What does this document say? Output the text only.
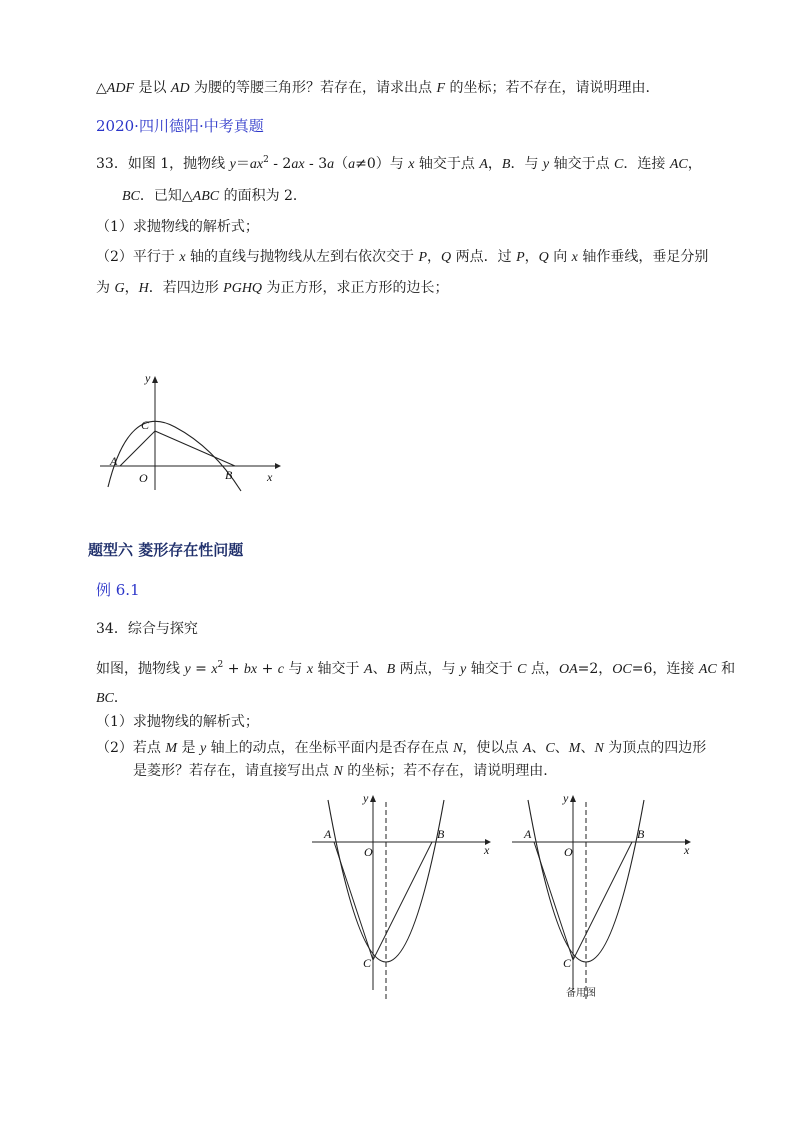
△ADF 是以 AD 为腰的等腰三角形？若存在，请求出点 F 的坐标；若不存在，请说明理由.
2020·四川德阳·中考真题
33．如图 1，抛物线 $y=ax^2 - 2ax - 3a(a\ne 0)$与 x 轴交于点 A，B．与 y 轴交于点 C．连接 AC，
BC．已知△ABC 的面积为 2．
（1）求抛物线的解析式；
（2）平行于 x 轴的直线与抛物线从左到右依次交于 P，Q 两点．过 P，Q 向 x 轴作垂线，垂足分别
为 G，H．若四边形 PGHQ 为正方形，求正方形的边长；
y
C
A
O	B	x
题型六 菱形存在性问题
例 6.1
34．综合与探究
如图，抛物线 $y = x^2$ + bx + c 与 x 轴交于 A、B 两点，与 y 轴交于 C 点，OA=2，OC=6，连接 AC 和
BC．
（1）求抛物线的解析式；
（2）若点 M 是 y 轴上的动点，在坐标平面内是否存在点 N，使以点 A、C、M、N 为顶点的四边形
是菱形？若存在，请直接写出点 N 的坐标；若不存在，请说明理由.
y
A
O
B
x
C
y
A
O
B
x
C
备用图
